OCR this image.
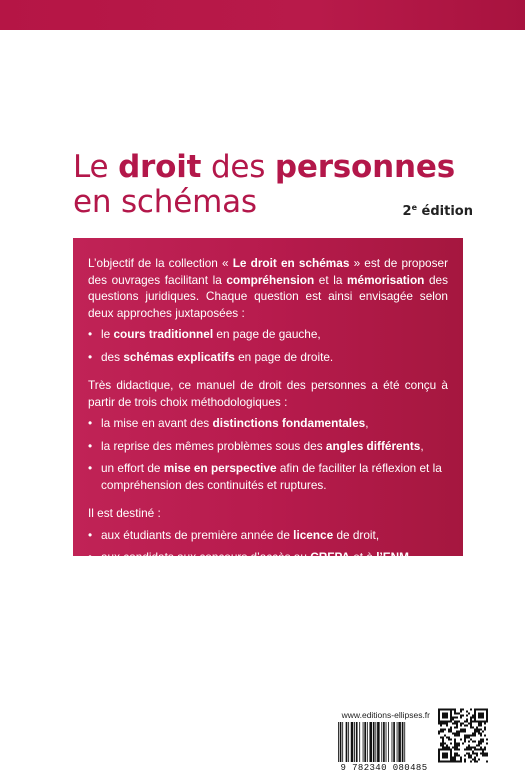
Le droit des personnes
en schémas	2e édition

L’objectif de la collection « Le droit en schémas » est de proposer des ouvrages facilitant la compréhension et la mémorisation des questions juridiques. Chaque question est ainsi envisagée selon deux approches juxtaposées :

• le cours traditionnel en page de gauche,
• des schémas explicatifs en page de droite.

Très didactique, ce manuel de droit des personnes a été conçu à partir de trois choix méthodologiques :

• la mise en avant des distinctions fondamentales,
• la reprise des mêmes problèmes sous des angles différents,
• un effort de mise en perspective afin de faciliter la réflexion et la compréhension des continuités et ruptures.

Il est destiné :

• aux étudiants de première année de licence de droit,
• aux candidats aux concours d’accès au CRFPA et à l’ENM.
www.editions-ellipses.fr
9 782340 080485
